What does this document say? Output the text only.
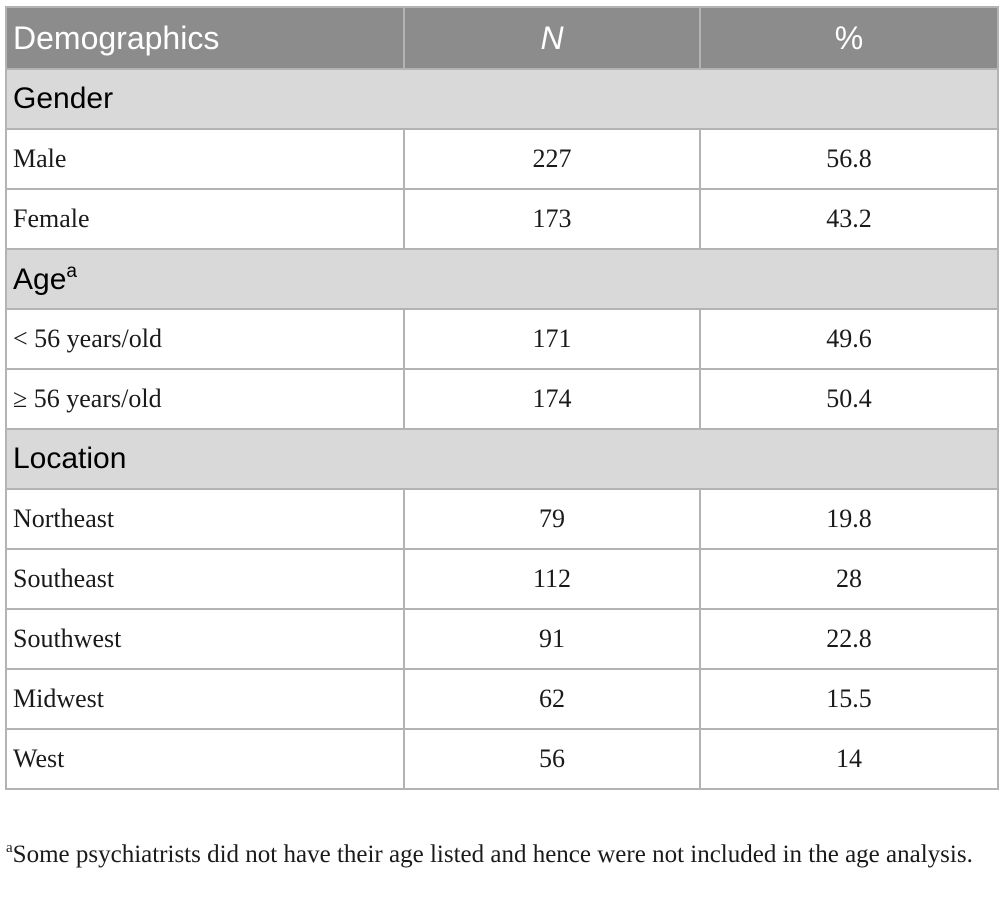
Demographics	N	%
Gender		
Male	227	56.8
Female	173	43.2
Age$^a$
< 56 years/old	171	49.6
≥ 56 years/old	174	50.4
Location		
Northeast	79	19.8
Southeast	112	28
Southwest	91	22.8
Midwest	62	15.5
West	56	14
$^a$Some psychiatrists did not have their age listed and hence were not included in the age analysis.
